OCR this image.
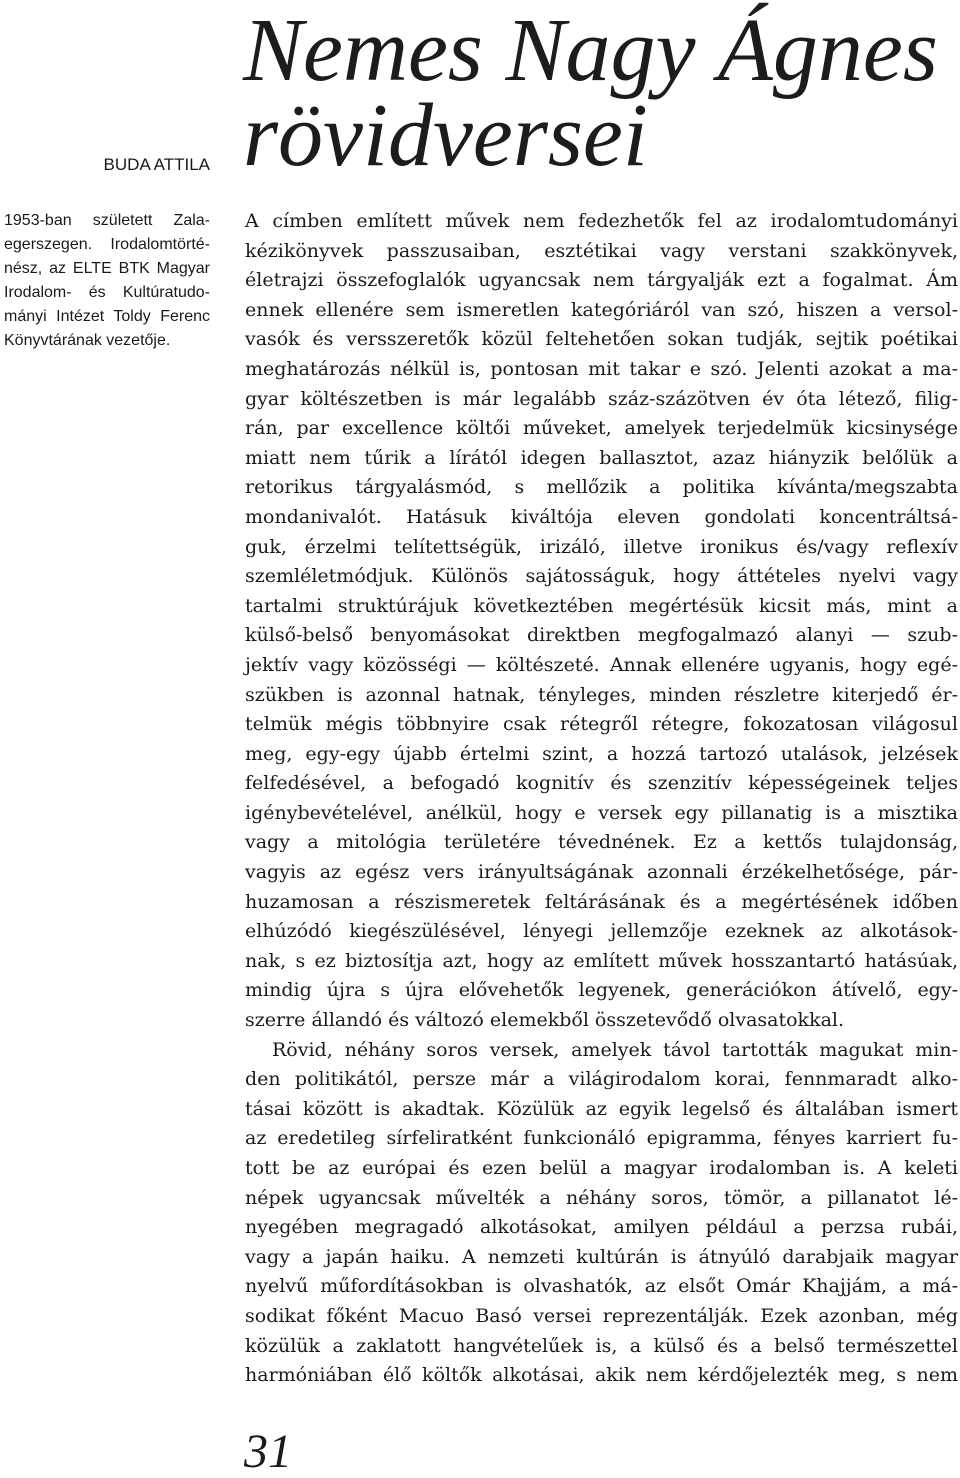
BUDA ATTILA
1953-ban született Zala-
egerszegen. Irodalomtörté-
nész, az ELTE BTK Magyar
Irodalom- és Kultúratudo-
mányi Intézet Toldy Ferenc
Könyvtárának vezetője.
Nemes Nagy Ágnes
rövidversei
A címben említett művek nem fedezhetők fel az irodalomtudományi
kézikönyvek passzusaiban, esztétikai vagy verstani szakkönyvek,
életrajzi összefoglalók ugyancsak nem tárgyalják ezt a fogalmat. Ám
ennek ellenére sem ismeretlen kategóriáról van szó, hiszen a versol-
vasók és versszeretők közül feltehetően sokan tudják, sejtik poétikai
meghatározás nélkül is, pontosan mit takar e szó. Jelenti azokat a ma-
gyar költészetben is már legalább száz-százötven év óta létező, filig-
rán, par excellence költői műveket, amelyek terjedelmük kicsinysége
miatt nem tűrik a lírától idegen ballasztot, azaz hiányzik belőlük a
retorikus tárgyalásmód, s mellőzik a politika kívánta/megszabta
mondanivalót. Hatásuk kiváltója eleven gondolati koncentráltsá-
guk, érzelmi telítettségük, irizáló, illetve ironikus és/vagy reflexív
szemléletmódjuk. Különös sajátosságuk, hogy áttételes nyelvi vagy
tartalmi struktúrájuk következtében megértésük kicsit más, mint a
külső-belső benyomásokat direktben megfogalmazó alanyi — szub-
jektív vagy közösségi — költészeté. Annak ellenére ugyanis, hogy egé-
szükben is azonnal hatnak, tényleges, minden részletre kiterjedő ér-
telmük mégis többnyire csak rétegről rétegre, fokozatosan világosul
meg, egy-egy újabb értelmi szint, a hozzá tartozó utalások, jelzések
felfedésével, a befogadó kognitív és szenzitív képességeinek teljes
igénybevételével, anélkül, hogy e versek egy pillanatig is a misztika
vagy a mitológia területére tévednének. Ez a kettős tulajdonság,
vagyis az egész vers irányultságának azonnali érzékelhetősége, pár-
huzamosan a részismeretek feltárásának és a megértésének időben
elhúzódó kiegészülésével, lényegi jellemzője ezeknek az alkotások-
nak, s ez biztosítja azt, hogy az említett művek hosszantartó hatásúak,
mindig újra s újra elővehetők legyenek, generációkon átívelő, egy-
szerre állandó és változó elemekből összetevődő olvasatokkal.
Rövid, néhány soros versek, amelyek távol tartották magukat min-
den politikától, persze már a világirodalom korai, fennmaradt alko-
tásai között is akadtak. Közülük az egyik legelső és általában ismert
az eredetileg sírfeliratként funkcionáló epigramma, fényes karriert fu-
tott be az európai és ezen belül a magyar irodalomban is. A keleti
népek ugyancsak művelték a néhány soros, tömör, a pillanatot lé-
nyegében megragadó alkotásokat, amilyen például a perzsa rubái,
vagy a japán haiku. A nemzeti kultúrán is átnyúló darabjaik magyar
nyelvű műfordításokban is olvashatók, az elsőt Omár Khajjám, a má-
sodikat főként Macuo Basó versei reprezentálják. Ezek azonban, még
közülük a zaklatott hangvételűek is, a külső és a belső természettel
harmóniában élő költők alkotásai, akik nem kérdőjelezték meg, s nem
31
